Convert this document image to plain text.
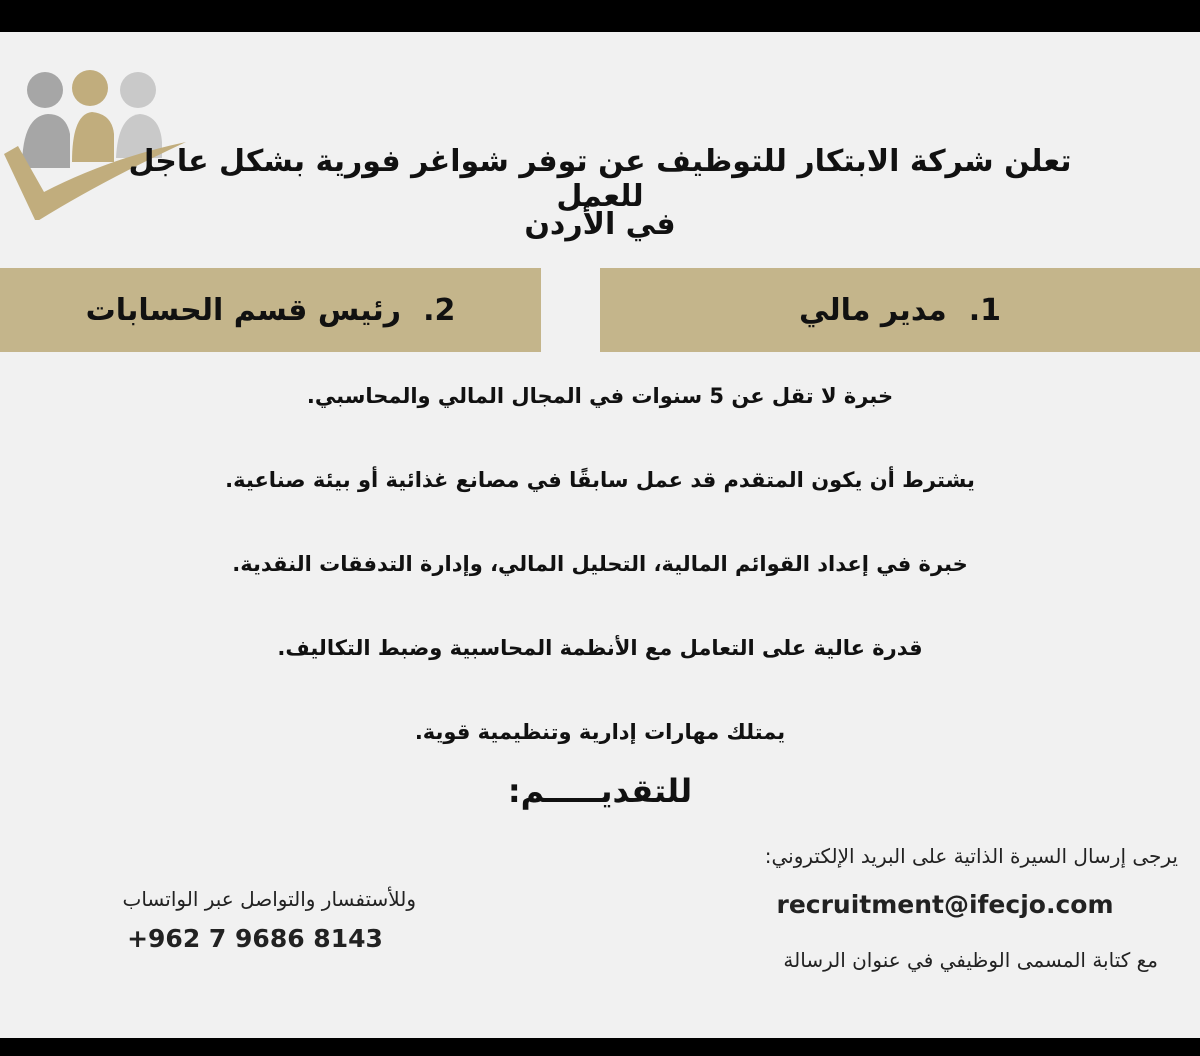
تعلن شركة الابتكار للتوظيف عن توفر شواغر فورية بشكل عاجل للعمل

في الأردن

1.
مدير مالي
2.
رئيس قسم الحسابات

خبرة لا تقل عن 5 سنوات في المجال المالي والمحاسبي.

يشترط أن يكون المتقدم قد عمل سابقًا في مصانع غذائية أو بيئة صناعية.

خبرة في إعداد القوائم المالية، التحليل المالي، وإدارة التدفقات النقدية.

قدرة عالية على التعامل مع الأنظمة المحاسبية وضبط التكاليف.

يمتلك مهارات إدارية وتنظيمية قوية.

للتقديـــــم:

يرجى إرسال السيرة الذاتية على البريد الإلكتروني:

recruitment@ifecjo.com

مع كتابة المسمى الوظيفي في عنوان الرسالة

وللأستفسار والتواصل عبر الواتساب

+962 7 9686 8143
